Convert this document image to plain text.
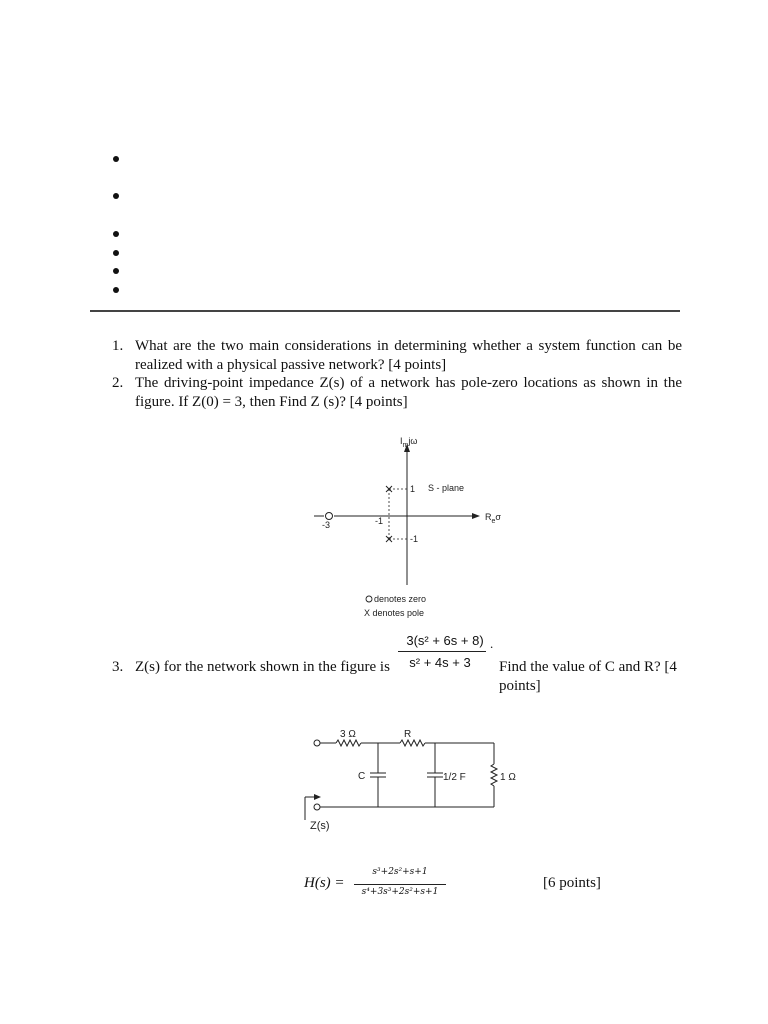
1. What are the two main considerations in determining whether a system function can be realized with a physical passive network? [4 points]
2. The driving-point impedance Z(s) of a network has pole-zero locations as shown in the figure. If Z(0) = 3, then Find Z (s)? [4 points]
$I_mj\omega$
$R_e\sigma$
1 S - plane
-1
-1
-3
denotes zero
X denotes pole
3. Z(s) for the network shown in the figure is	Find the value of C and R? [4 points]
3(s² + 6s + 8)
s² + 4s + 3
.
3 Ω	R
C	1/2 F	1 Ω
Z(s)
H(s) =
s³+2s²+s+1
s⁴+3s³+2s²+s+1
[6 points]
